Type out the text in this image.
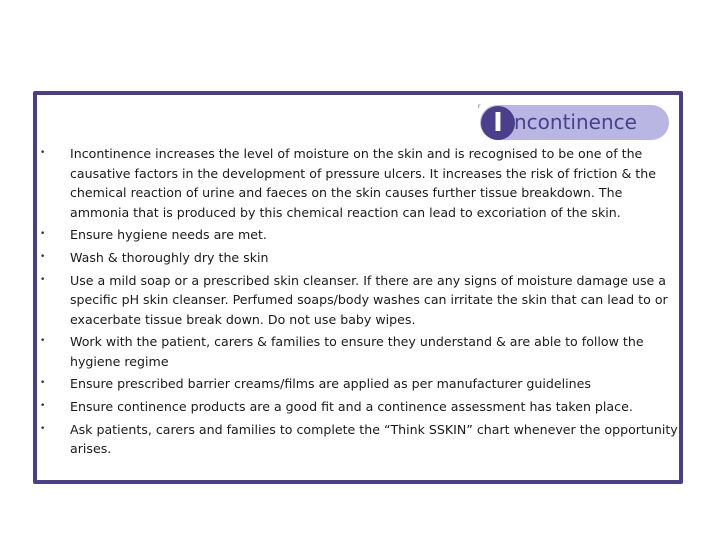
r
I ncontinence
•	Incontinence increases the level of moisture on the skin and is recognised to be one of the causative factors in the development of pressure ulcers. It increases the risk of friction & the chemical reaction of urine and faeces on the skin causes further tissue breakdown. The ammonia that is produced by this chemical reaction can lead to excoriation of the skin.
•	Ensure hygiene needs are met.
•	Wash & thoroughly dry the skin
•	Use a mild soap or a prescribed skin cleanser. If there are any signs of moisture damage use a specific pH skin cleanser. Perfumed soaps/body washes can irritate the skin that can lead to or exacerbate tissue break down. Do not use baby wipes.
•	Work with the patient, carers & families to ensure they understand & are able to follow the hygiene regime
•	Ensure prescribed barrier creams/films are applied as per manufacturer guidelines
•	Ensure continence products are a good fit and a continence assessment has taken place.
•	Ask patients, carers and families to complete the “Think SSKIN” chart whenever the opportunity arises.
